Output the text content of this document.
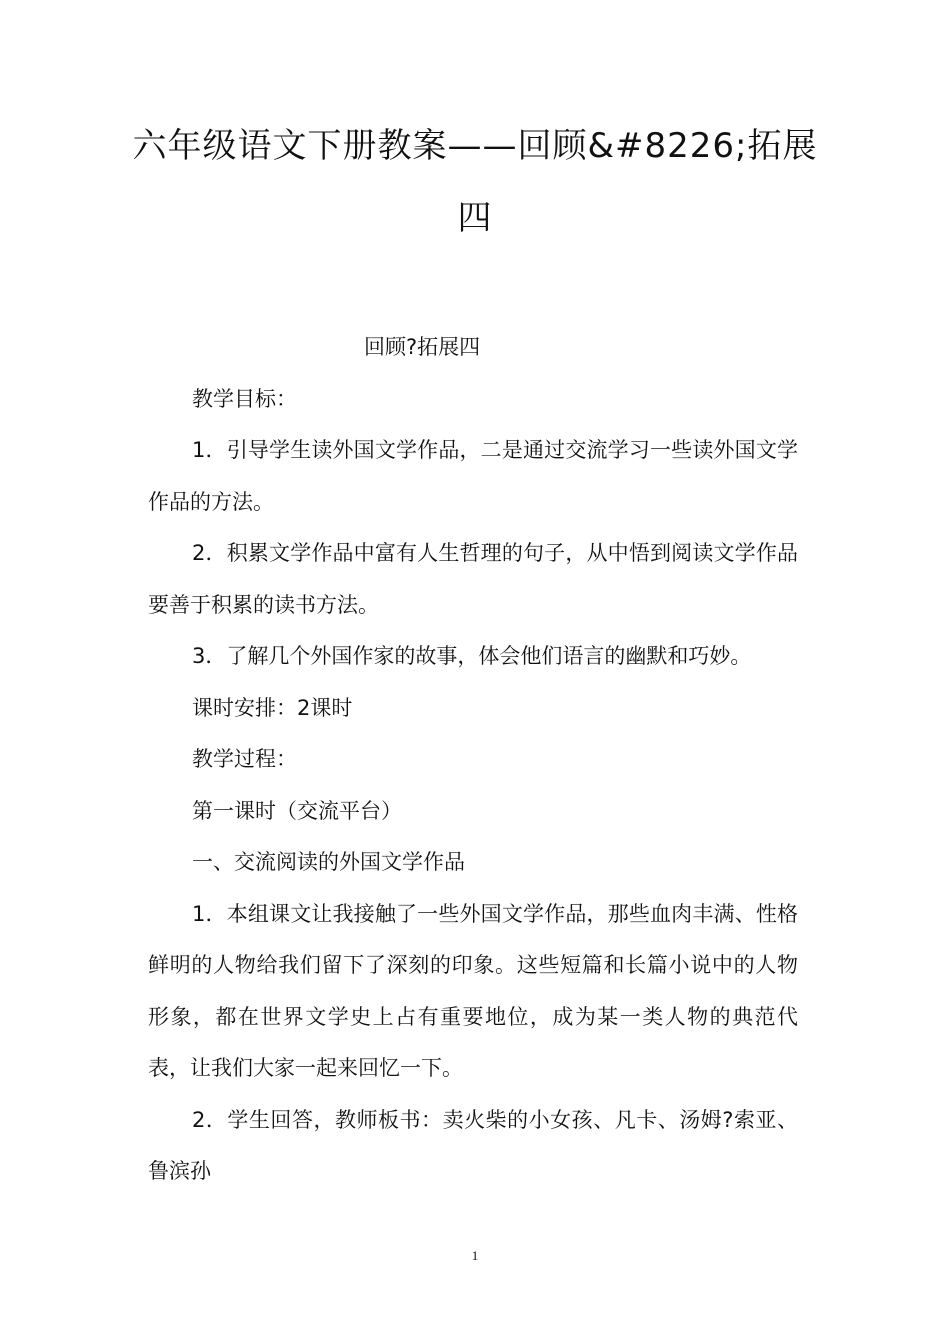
六年级语文下册教案——回顾&#8226;拓展
四

回顾?拓展四

教学目标：

1．引导学生读外国文学作品，二是通过交流学习一些读外国文学作品的方法。

2．积累文学作品中富有人生哲理的句子，从中悟到阅读文学作品要善于积累的读书方法。

3．了解几个外国作家的故事，体会他们语言的幽默和巧妙。

课时安排：2课时

教学过程：

第一课时（交流平台）

一、交流阅读的外国文学作品

1．本组课文让我接触了一些外国文学作品，那些血肉丰满、性格鲜明的人物给我们留下了深刻的印象。这些短篇和长篇小说中的人物形象，都在世界文学史上占有重要地位，成为某一类人物的典范代表，让我们大家一起来回忆一下。

2．学生回答，教师板书：卖火柴的小女孩、凡卡、汤姆?索亚、鲁滨孙

1
